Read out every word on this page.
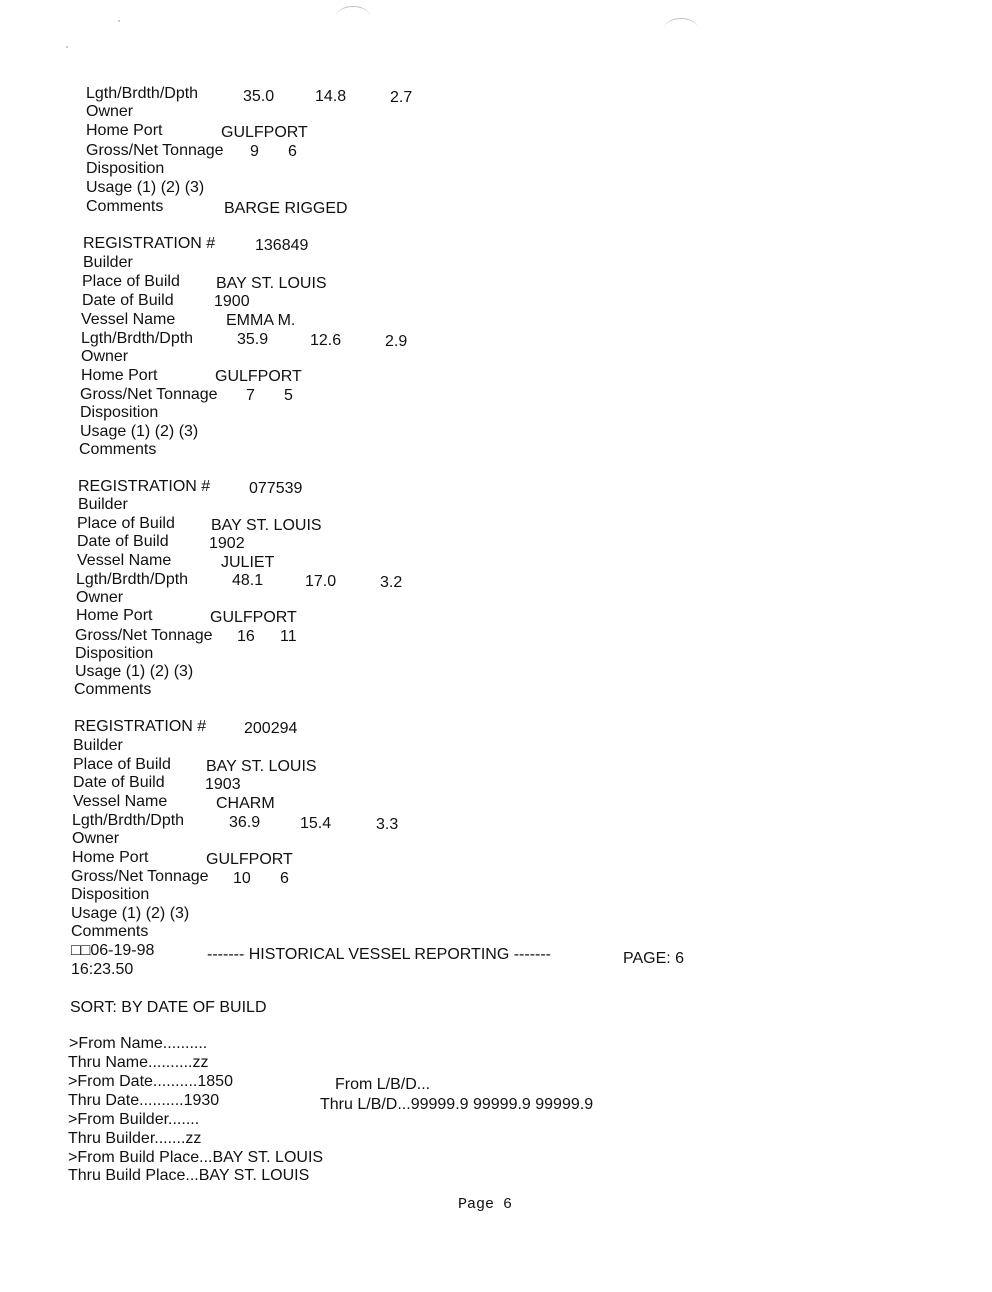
Lgth/Brdth/Dpth	35.0	14.8	2.7
Owner
Home Port	GULFPORT
Gross/Net Tonnage 9 6
Disposition
Usage (1) (2) (3)
Comments	BARGE RIGGED
REGISTRATION # 136849
Builder
Place of Build BAY ST. LOUIS
Date of Build	1900
Vessel Name	EMMA M.
Lgth/Brdth/Dpth	35.9	12.6	2.9
Owner
Home Port	GULFPORT
Gross/Net Tonnage 7 5
Disposition
Usage (1) (2) (3)
Comments
REGISTRATION # 077539
Builder
Place of Build BAY ST. LOUIS
Date of Build	1902
Vessel Name	JULIET
Lgth/Brdth/Dpth	48.1	17.0	3.2
Owner
Home Port	GULFPORT
Gross/Net Tonnage 16 11
Disposition
Usage (1) (2) (3)
Comments
REGISTRATION # 200294
Builder
Place of Build BAY ST. LOUIS
Date of Build	1903
Vessel Name	CHARM
Lgth/Brdth/Dpth	36.9 15.4	3.3
Owner
Home Port	GULFPORT
Gross/Net Tonnage 10 6
Disposition
Usage (1) (2) (3)
Comments
□□06-19-98
16:23.50
------- HISTORICAL VESSEL REPORTING -------	PAGE: 6
SORT: BY DATE OF BUILD
>From Name..........
Thru Name..........zz
>From Date..........1850
Thru Date..........1930
>From Builder.......
Thru Builder.......zz
>From Build Place...BAY ST. LOUIS
Thru Build Place...BAY ST. LOUIS
From L/B/D...
Thru L/B/D...99999.9 99999.9 99999.9
Page 6
